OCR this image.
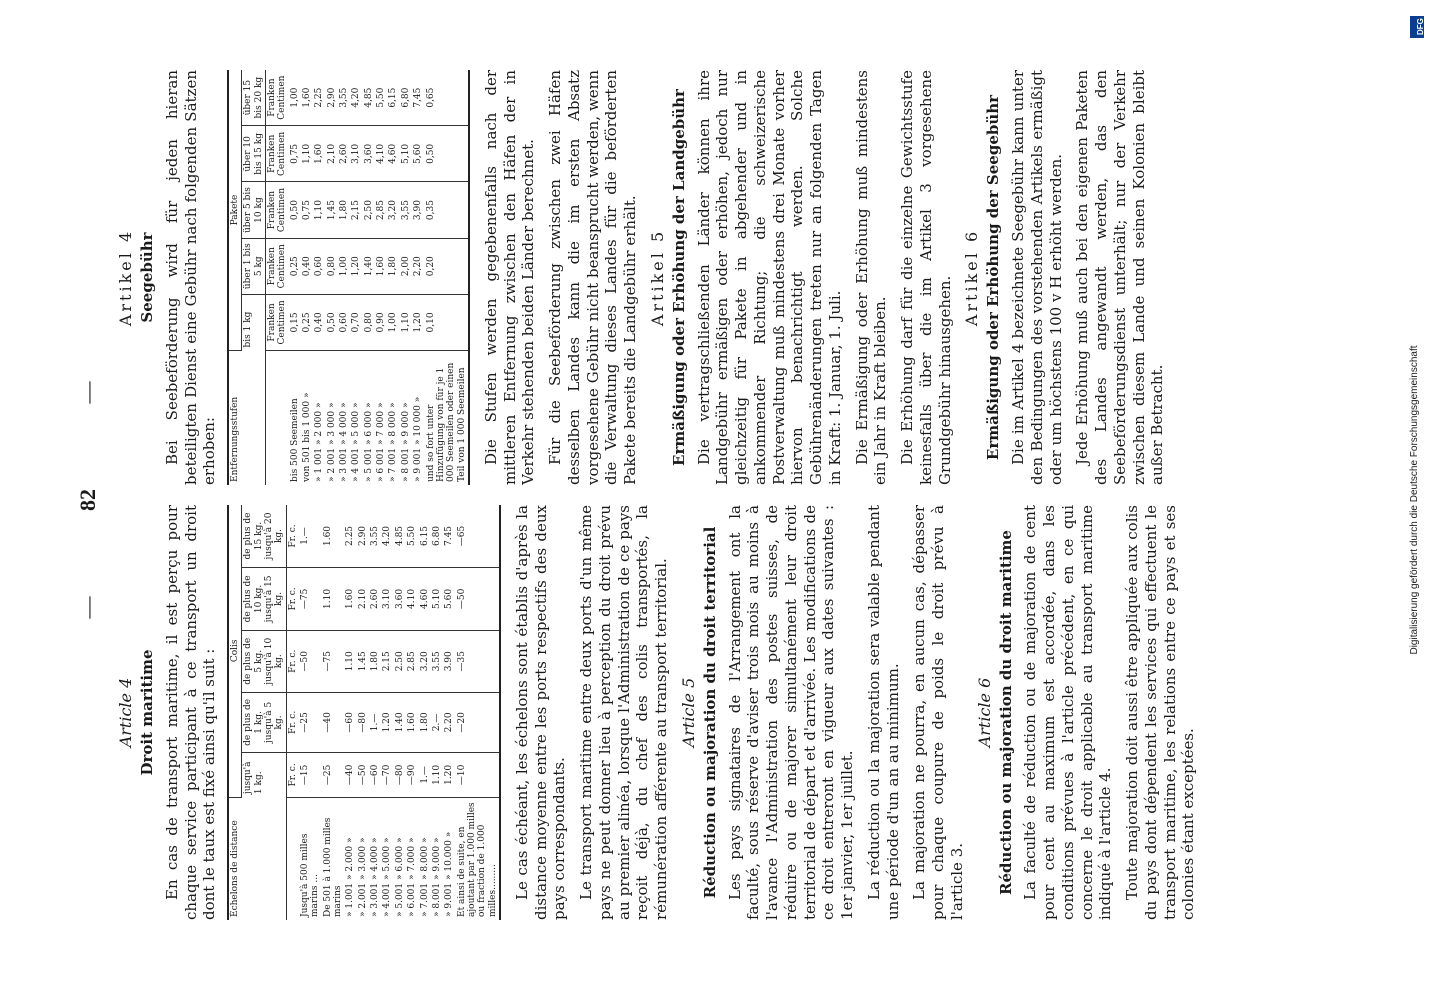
— 82 —
Article 4 Droit maritime En cas de transport maritime, il est perçu pour chaque service participant à ce transport un droit dont le taux est fixé ainsi qu'il suit : Échelons de distance	Colis				
	jusqu'à 1 kg.	de plus de 1 kg. jusqu'à 5 kg.	de plus de 5 kg. jusqu'à 10 kg.	de plus de 10 kg. jusqu'à 15 kg.	de plus de 15 kg. jusqu'à 20 kg.
	Fr. c.	Fr. c.	Fr. c.	Fr. c.	Fr. c.
Jusqu'à 500 milles marins ...	—15	—25	—50	—75	1.—
De 501 à 1.000 milles marins	—25	—40	—75	1.10	1.60
» 1.001 » 2.000 »	—40	—60	1.10	1.60	2.25
» 2.001 » 3.000 »	—50	—80	1.45	2.10	2.90
» 3.001 » 4.000 »	—60	1.—	1.80	2.60	3.55
» 4.001 » 5.000 »	—70	1.20	2.15	3.10	4.20
» 5.001 » 6.000 »	—80	1.40	2.50	3.60	4.85
» 6.001 » 7.000 »	—90	1.60	2.85	4.10	5.50
» 7.001 » 8.000 »	1.—	1.80	3.20	4.60	6.15
» 8.001 » 9.000 »	1.10	2.—	3.55	5.10	6.80
» 9.001 » 10.000 »	1.20	2.20	3.90	5.60	7.45
Et ainsi de suite, en ajoutant par 1.000 milles ou fraction de 1.000 milles.........	—10	—20	—35	—50	—65	Le cas échéant, les échelons sont établis d'après la distance moyenne entre les ports respectifs des deux pays correspondants. Le transport maritime entre deux ports d'un même pays ne peut donner lieu à perception du droit prévu au premier alinéa, lorsque l'Administration de ce pays reçoit déjà, du chef des colis transportés, la rémunération afférente au transport territorial. Article 5 Réduction ou majoration du droit territorial Les pays signataires de l'Arrangement ont la faculté, sous réserve d'aviser trois mois au moins à l'avance l'Administration des postes suisses, de réduire ou de majorer simultanément leur droit territorial de départ et d'arrivée. Les modifications de ce droit entreront en vigueur aux dates suivantes : 1er janvier, 1er juillet. La réduction ou la majoration sera valable pendant une période d'un an au minimum. La majoration ne pourra, en aucun cas, dépasser pour chaque coupure de poids le droit prévu à l'article 3.

Article 6 Réduction ou majoration du droit maritime La faculté de réduction ou de majoration de cent pour cent au maximum est accordée, dans les conditions prévues à l'article précédent, en ce qui concerne le droit applicable au transport maritime indiqué à l'article 4. Toute majoration doit aussi être appliquée aux colis du pays dont dépendent les services qui effectuent le transport maritime, les relations entre ce pays et ses colonies étant exceptées.

Artikel 4 Seegebühr Bei Seebeförderung wird für jeden hieran beteiligten Dienst eine Gebühr nach folgenden Sätzen erhoben: Entfernungsstufen	Pakete				
	bis 1 kg	über 1 bis 5 kg	über 5 bis 10 kg	über 10 bis 15 kg	über 15 bis 20 kg
	Franken Centimen	Franken Centimen	Franken Centimen	Franken Centimen	Franken Centimen
bis 500 Seemeilen	0,15	0,25	0,50	0,75	1,00
von 501 bis 1 000 »	0,25	0,40	0,75	1,10	1,60
» 1 001 » 2 000 »	0,40	0,60	1,10	1,60	2,25
» 2 001 » 3 000 »	0,50	0,80	1,45	2,10	2,90
» 3 001 » 4 000 »	0,60	1,00	1,80	2,60	3,55
» 4 001 » 5 000 »	0,70	1,20	2,15	3,10	4,20
» 5 001 » 6 000 »	0,80	1,40	2,50	3,60	4,85
» 6 001 » 7 000 »	0,90	1,60	2,85	4,10	5,50
» 7 001 » 8 000 »	1,00	1,80	3,20	4,60	6,15
» 8 001 » 9 000 »	1,10	2,00	3,55	5,10	6,80
» 9 001 » 10 000 »	1,20	2,20	3,90	5,60	7,45
und so fort unter Hinzufügung von für je 1 000 Seemeilen oder einen Teil von 1 000 Seemeilen	0,10	0,20	0,35	0,50	0,65	Die Stufen werden gegebenenfalls nach der mittleren Entfernung zwischen den Häfen der in Verkehr stehenden beiden Länder berechnet. Für die Seebeförderung zwischen zwei Häfen desselben Landes kann die im ersten Absatz vorgesehene Gebühr nicht beansprucht werden, wenn die Verwaltung dieses Landes für die beförderten Pakete bereits die Landgebühr erhält. Artikel 5 Ermäßigung oder Erhöhung der Landgebühr Die vertragschließenden Länder können ihre Landgebühr ermäßigen oder erhöhen, jedoch nur gleichzeitig für Pakete in abgehender und in ankommender Richtung; die schweizerische Postverwaltung muß mindestens drei Monate vorher hiervon benachrichtigt werden. Solche Gebührenänderungen treten nur an folgenden Tagen in Kraft: 1. Januar, 1. Juli. Die Ermäßigung oder Erhöhung muß mindestens ein Jahr in Kraft bleiben. Die Erhöhung darf für die einzelne Gewichtsstufe keinesfalls über die im Artikel 3 vorgesehene Grundgebühr hinausgehen. Artikel 6 Ermäßigung oder Erhöhung der Seegebühr Die im Artikel 4 bezeichnete Seegebühr kann unter den Bedingungen des vorstehenden Artikels ermäßigt oder um höchstens 100 v H erhöht werden. Jede Erhöhung muß auch bei den eigenen Paketen des Landes angewandt werden, das den Seebeförderungsdienst unterhält; nur der Verkehr zwischen diesem Lande und seinen Kolonien bleibt außer Betracht.

DFG
Digitalisierung gefördert durch die Deutsche Forschungsgemeinschaft
